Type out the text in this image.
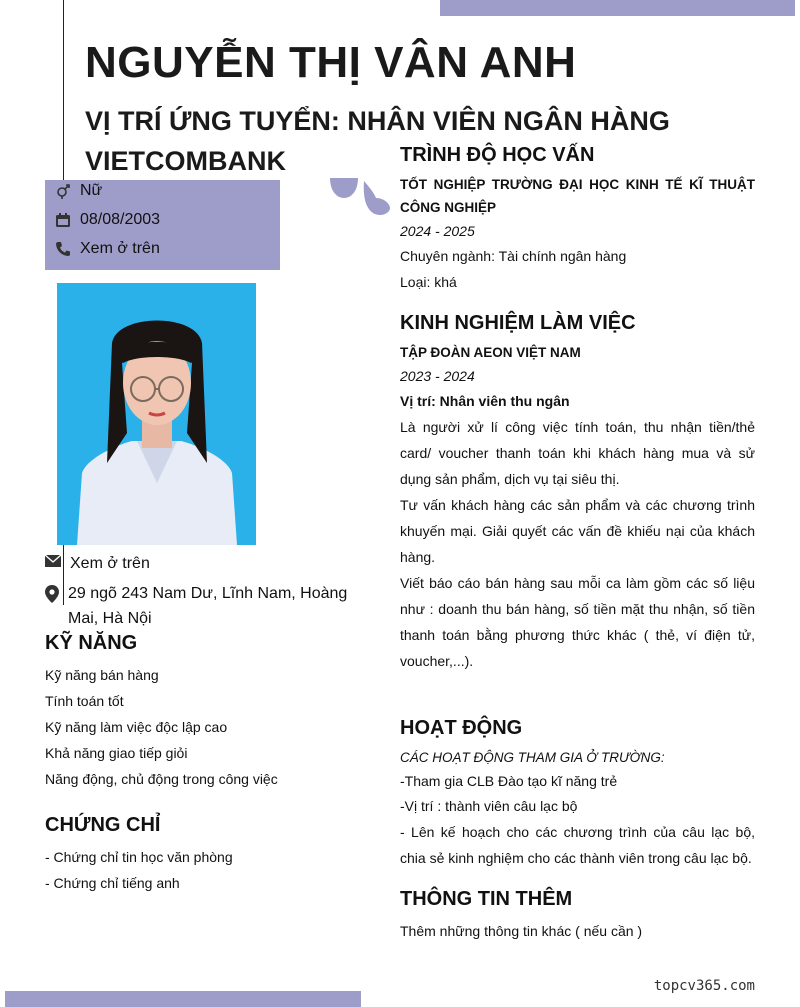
NGUYỄN THỊ VÂN ANH
VỊ TRÍ ỨNG TUYỂN: NHÂN VIÊN NGÂN HÀNG VIETCOMBANK
Nữ
08/08/2003
Xem ở trên
Xem ở trên
29 ngõ 243 Nam Dư, Lĩnh Nam, Hoàng Mai, Hà Nội
KỸ NĂNG
Kỹ năng bán hàng
Tính toán tốt
Kỹ năng làm việc độc lập cao
Khả năng giao tiếp giỏi
Năng động, chủ động trong công việc
CHỨNG CHỈ
- Chứng chỉ tin học văn phòng
- Chứng chỉ tiếng anh
TRÌNH ĐỘ HỌC VẤN
TỐT NGHIỆP TRƯỜNG ĐẠI HỌC KINH TẾ KĨ THUẬT CÔNG NGHIỆP
2024 - 2025
Chuyên ngành: Tài chính ngân hàng
Loại: khá
KINH NGHIỆM LÀM VIỆC
TẬP ĐOÀN AEON VIỆT NAM
2023 - 2024
Vị trí: Nhân viên thu ngân
Là người xử lí công việc tính toán, thu nhận tiền/thẻ card/ voucher thanh toán khi khách hàng mua và sử dụng sản phẩm, dịch vụ tại siêu thị.
Tư vấn khách hàng các sản phẩm và các chương trình khuyến mại. Giải quyết các vấn đề khiếu nại của khách hàng.
Viết báo cáo bán hàng sau mỗi ca làm gồm các số liệu như : doanh thu bán hàng, số tiền mặt thu nhận, số tiền thanh toán bằng phương thức khác ( thẻ, ví điện tử, voucher,...).
HOẠT ĐỘNG
CÁC HOẠT ĐỘNG THAM GIA Ở TRƯỜNG:
-Tham gia CLB Đào tạo kĩ năng trẻ
-Vị trí : thành viên câu lạc bộ
- Lên kế hoạch cho các chương trình của câu lạc bộ, chia sẻ kinh nghiệm cho các thành viên trong câu lạc bộ.
THÔNG TIN THÊM
Thêm những thông tin khác ( nếu cần )
topcv365.com
